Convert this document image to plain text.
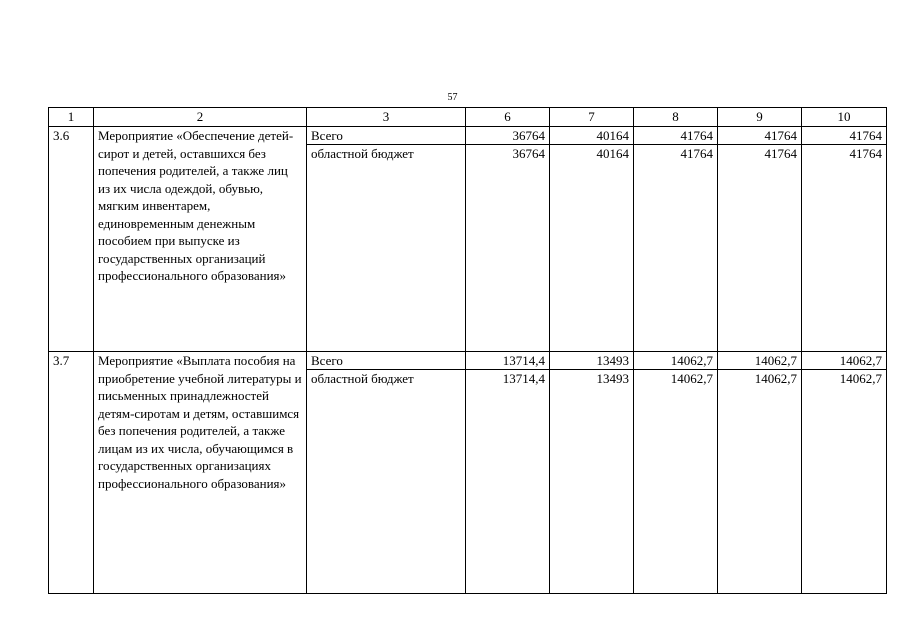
57
1	2	3	6	7	8	9	10
3.6	Мероприятие «Обеспечение детей-сирот и детей, оставшихся без попечения родителей, а также лиц из их числа одеждой, обувью, мягким инвентарем, единовременным денежным пособием при выпуске из государственных организаций профессионального образования»	Всего	36764	40164	41764	41764	41764
		областной бюджет	36764	40164	41764	41764	41764
3.7	Мероприятие «Выплата пособия на приобретение учебной литературы и письменных принадлежностей детям-сиротам и детям, оставшимся без попечения родителей, а также лицам из их числа, обучающимся в государственных организациях профессионального образования»	Всего	13714,4	13493	14062,7	14062,7	14062,7
		областной бюджет	13714,4	13493	14062,7	14062,7	14062,7
